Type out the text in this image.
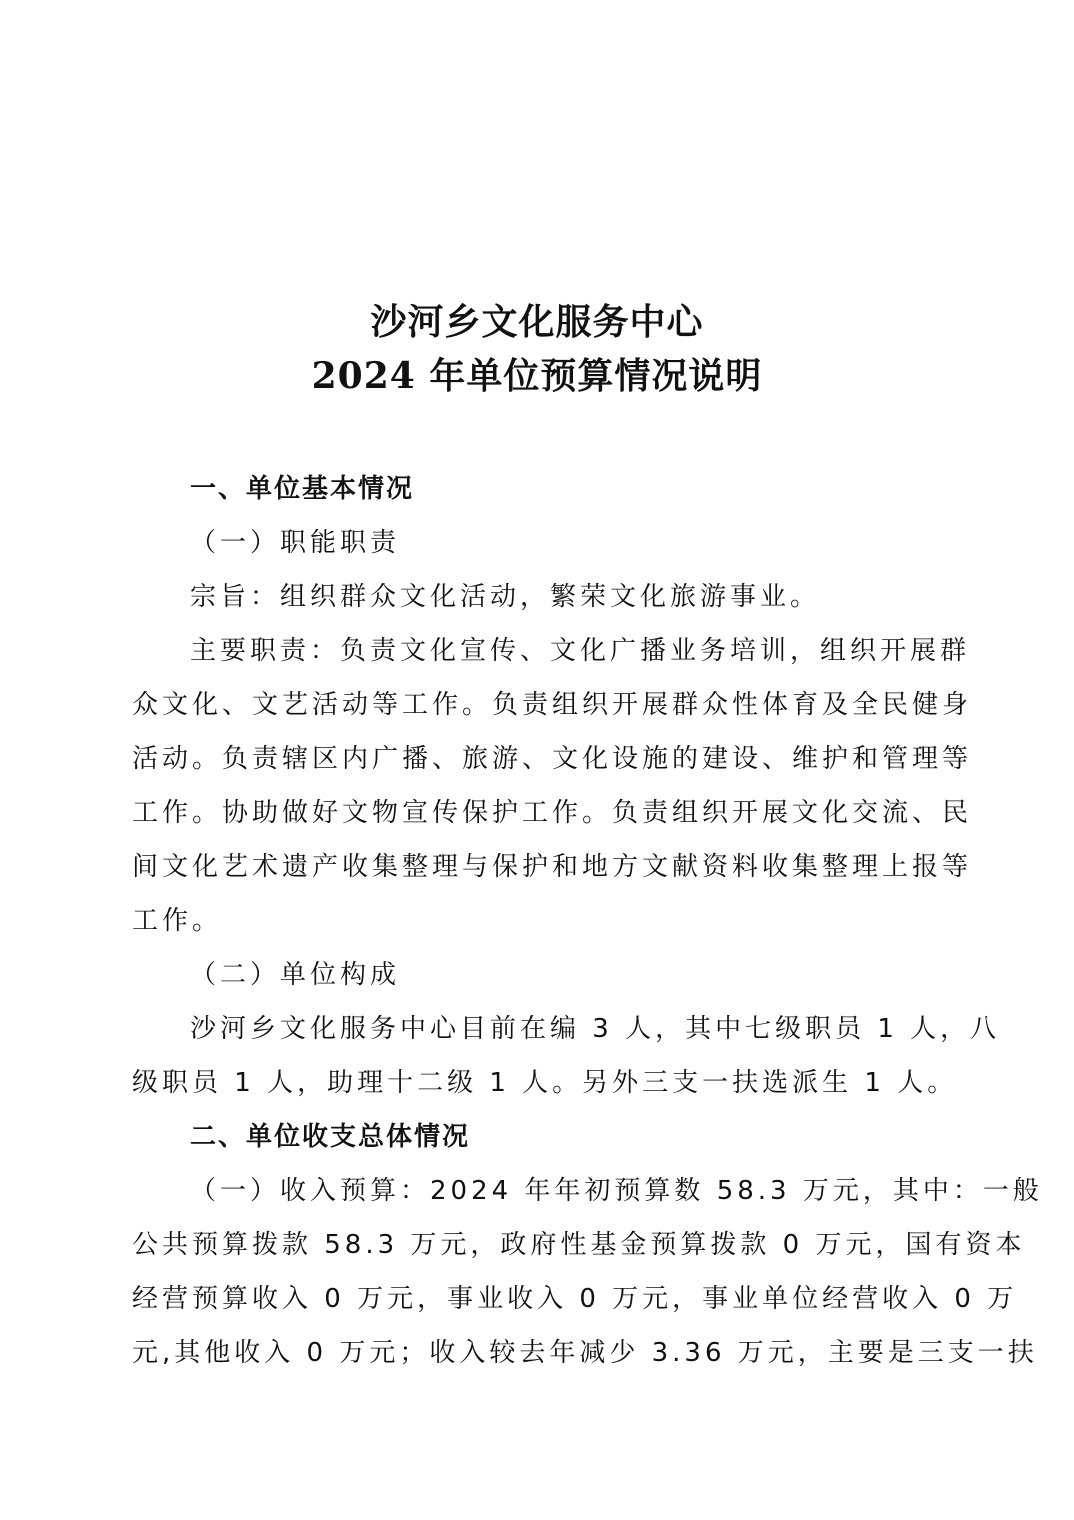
沙河乡文化服务中心
2024 年单位预算情况说明
一、单位基本情况
（一）职能职责
宗旨：组织群众文化活动，繁荣文化旅游事业。
主要职责：负责文化宣传、文化广播业务培训，组织开展群
众文化、文艺活动等工作。负责组织开展群众性体育及全民健身
活动。负责辖区内广播、旅游、文化设施的建设、维护和管理等
工作。协助做好文物宣传保护工作。负责组织开展文化交流、民
间文化艺术遗产收集整理与保护和地方文献资料收集整理上报等
工作。
（二）单位构成
沙河乡文化服务中心目前在编 3 人，其中七级职员 1 人，八
级职员 1 人，助理十二级 1 人。另外三支一扶选派生 1 人。
二、单位收支总体情况
（一）收入预算：2024 年年初预算数 58.3 万元，其中：一般
公共预算拨款 58.3 万元，政府性基金预算拨款 0 万元，国有资本
经营预算收入 0 万元，事业收入 0 万元，事业单位经营收入 0 万
元,其他收入 0 万元；收入较去年减少 3.36 万元，主要是三支一扶
